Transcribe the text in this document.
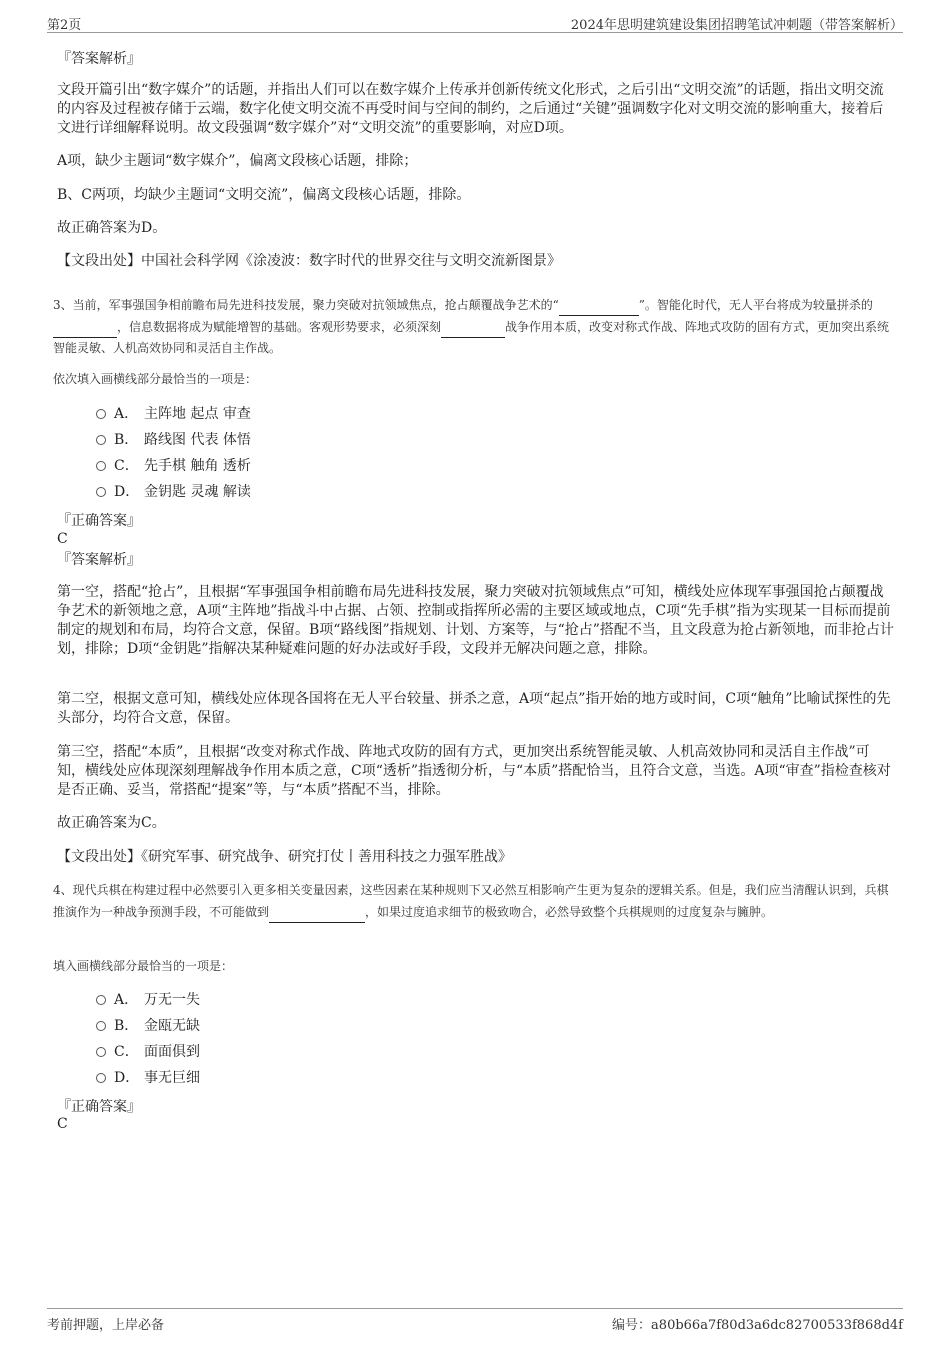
第2页	2024年思明建筑建设集团招聘笔试冲刺题（带答案解析）
『答案解析』
文段开篇引出“数字媒介”的话题，并指出人们可以在数字媒介上传承并创新传统文化形式，之后引出“文明交流”的话题，指出文明交流的内容及过程被存储于云端，数字化使文明交流不再受时间与空间的制约，之后通过“关键”强调数字化对文明交流的影响重大，接着后文进行详细解释说明。故文段强调“数字媒介”对“文明交流”的重要影响，对应D项。
A项，缺少主题词“数字媒介”，偏离文段核心话题，排除；
B、C两项，均缺少主题词“文明交流”，偏离文段核心话题，排除。
故正确答案为D。
【文段出处】中国社会科学网《涂凌波：数字时代的世界交往与文明交流新图景》
3、当前，军事强国争相前瞻布局先进科技发展，聚力突破对抗领域焦点，抢占颠覆战争艺术的“	”。智能化时代，无人平台将成为较量拼杀的 ，信息数据将成为赋能增智的基础。客观形势要求，必须深刻	战争作用本质，改变对称式作战、阵地式攻防的固有方式，更加突出系统智能灵敏、人机高效协同和灵活自主作战。
依次填入画横线部分最恰当的一项是：
A． 主阵地 起点 审查
B． 路线图 代表 体悟
C． 先手棋 触角 透析
D． 金钥匙 灵魂 解读
『正确答案』
C
『答案解析』
第一空，搭配“抢占”，且根据“军事强国争相前瞻布局先进科技发展，聚力突破对抗领域焦点”可知，横线处应体现军事强国抢占颠覆战争艺术的新领地之意，A项“主阵地”指战斗中占据、占领、控制或指挥所必需的主要区域或地点，C项“先手棋”指为实现某一目标而提前制定的规划和布局，均符合文意，保留。B项“路线图”指规划、计划、方案等，与“抢占”搭配不当，且文段意为抢占新领地，而非抢占计划，排除；D项“金钥匙”指解决某种疑难问题的好办法或好手段，文段并无解决问题之意，排除。
第二空，根据文意可知，横线处应体现各国将在无人平台较量、拼杀之意，A项“起点”指开始的地方或时间，C项“触角”比喻试探性的先头部分，均符合文意，保留。
第三空，搭配“本质”，且根据“改变对称式作战、阵地式攻防的固有方式，更加突出系统智能灵敏、人机高效协同和灵活自主作战”可知，横线处应体现深刻理解战争作用本质之意，C项“透析”指透彻分析，与“本质”搭配恰当，且符合文意，当选。A项“审查”指检查核对是否正确、妥当，常搭配“提案”等，与“本质”搭配不当，排除。
故正确答案为C。
【文段出处】《研究军事、研究战争、研究打仗丨善用科技之力强军胜战》
4、现代兵棋在构建过程中必然要引入更多相关变量因素，这些因素在某种规则下又必然互相影响产生更为复杂的逻辑关系。但是，我们应当清醒认识到，兵棋推演作为一种战争预测手段，不可能做到	，如果过度追求细节的极致吻合，必然导致整个兵棋规则的过度复杂与臃肿。
填入画横线部分最恰当的一项是：
A． 万无一失
B． 金瓯无缺
C． 面面俱到
D． 事无巨细
『正确答案』
C
考前押题，上岸必备	编号：a80b66a7f80d3a6dc82700533f868d4f
